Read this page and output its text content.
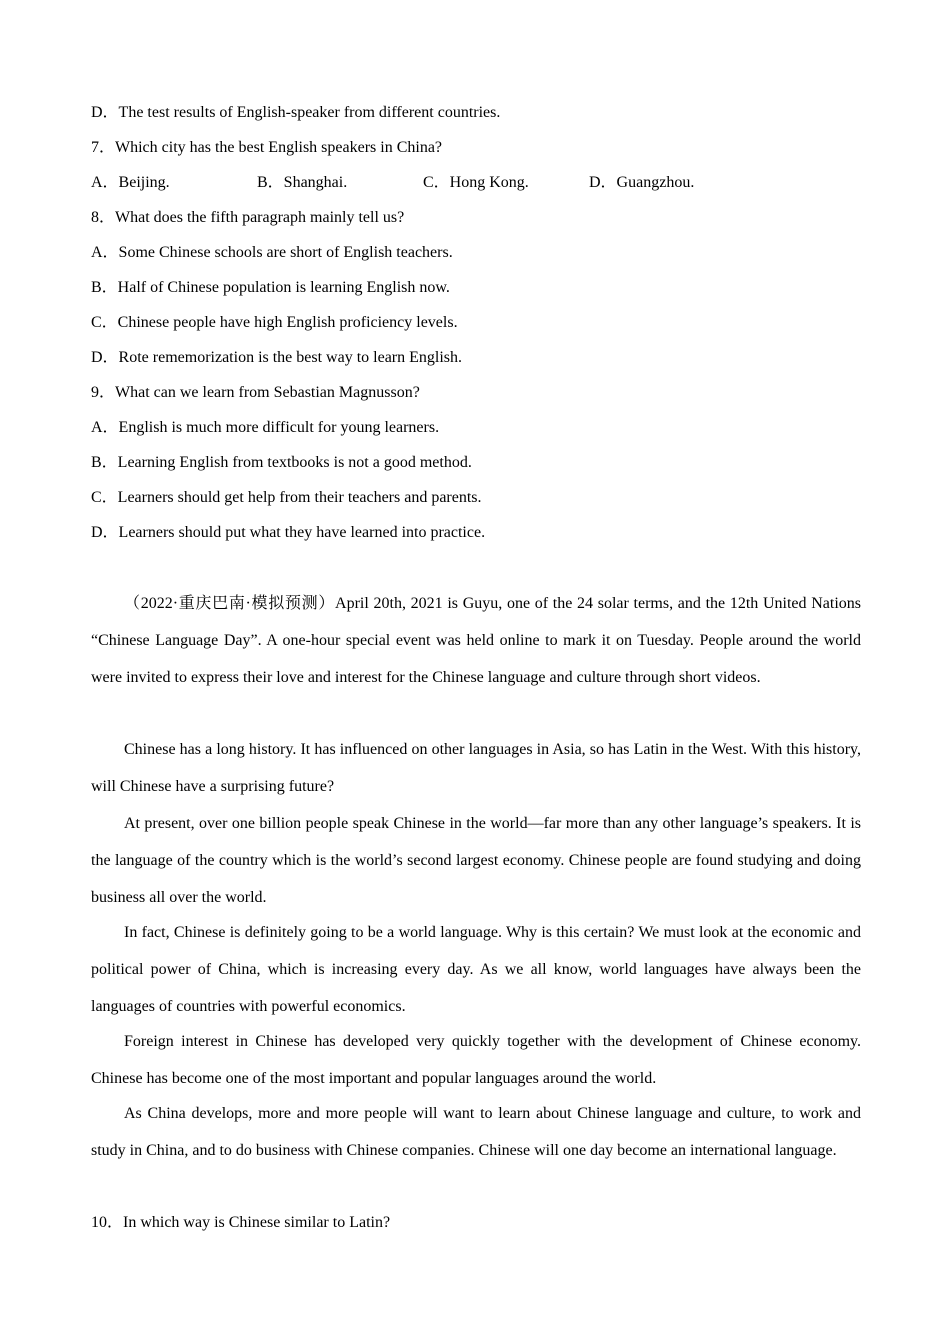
D．The test results of English-speaker from different countries.
7．Which city has the best English speakers in China?
A．Beijing.	B．Shanghai.	C．Hong Kong.	D．Guangzhou.
8．What does the fifth paragraph mainly tell us?
A．Some Chinese schools are short of English teachers.
B．Half of Chinese population is learning English now.
C．Chinese people have high English proficiency levels.
D．Rote rememorization is the best way to learn English.
9．What can we learn from Sebastian Magnusson?
A．English is much more difficult for young learners.
B．Learning English from textbooks is not a good method.
C．Learners should get help from their teachers and parents.
D．Learners should put what they have learned into practice.
（2022·重庆巴南·模拟预测）April 20th, 2021 is Guyu, one of the 24 solar terms, and the 12th United Nations “Chinese Language Day”. A one-hour special event was held online to mark it on Tuesday. People around the world were invited to express their love and interest for the Chinese language and culture through short videos.
Chinese has a long history. It has influenced on other languages in Asia, so has Latin in the West. With this history, will Chinese have a surprising future?
At present, over one billion people speak Chinese in the world—far more than any other language’s speakers. It is the language of the country which is the world’s second largest economy. Chinese people are found studying and doing business all over the world.
In fact, Chinese is definitely going to be a world language. Why is this certain? We must look at the economic and political power of China, which is increasing every day. As we all know, world languages have always been the languages of countries with powerful economics.
Foreign interest in Chinese has developed very quickly together with the development of Chinese economy. Chinese has become one of the most important and popular languages around the world.
As China develops, more and more people will want to learn about Chinese language and culture, to work and study in China, and to do business with Chinese companies. Chinese will one day become an international language.
10．In which way is Chinese similar to Latin?
